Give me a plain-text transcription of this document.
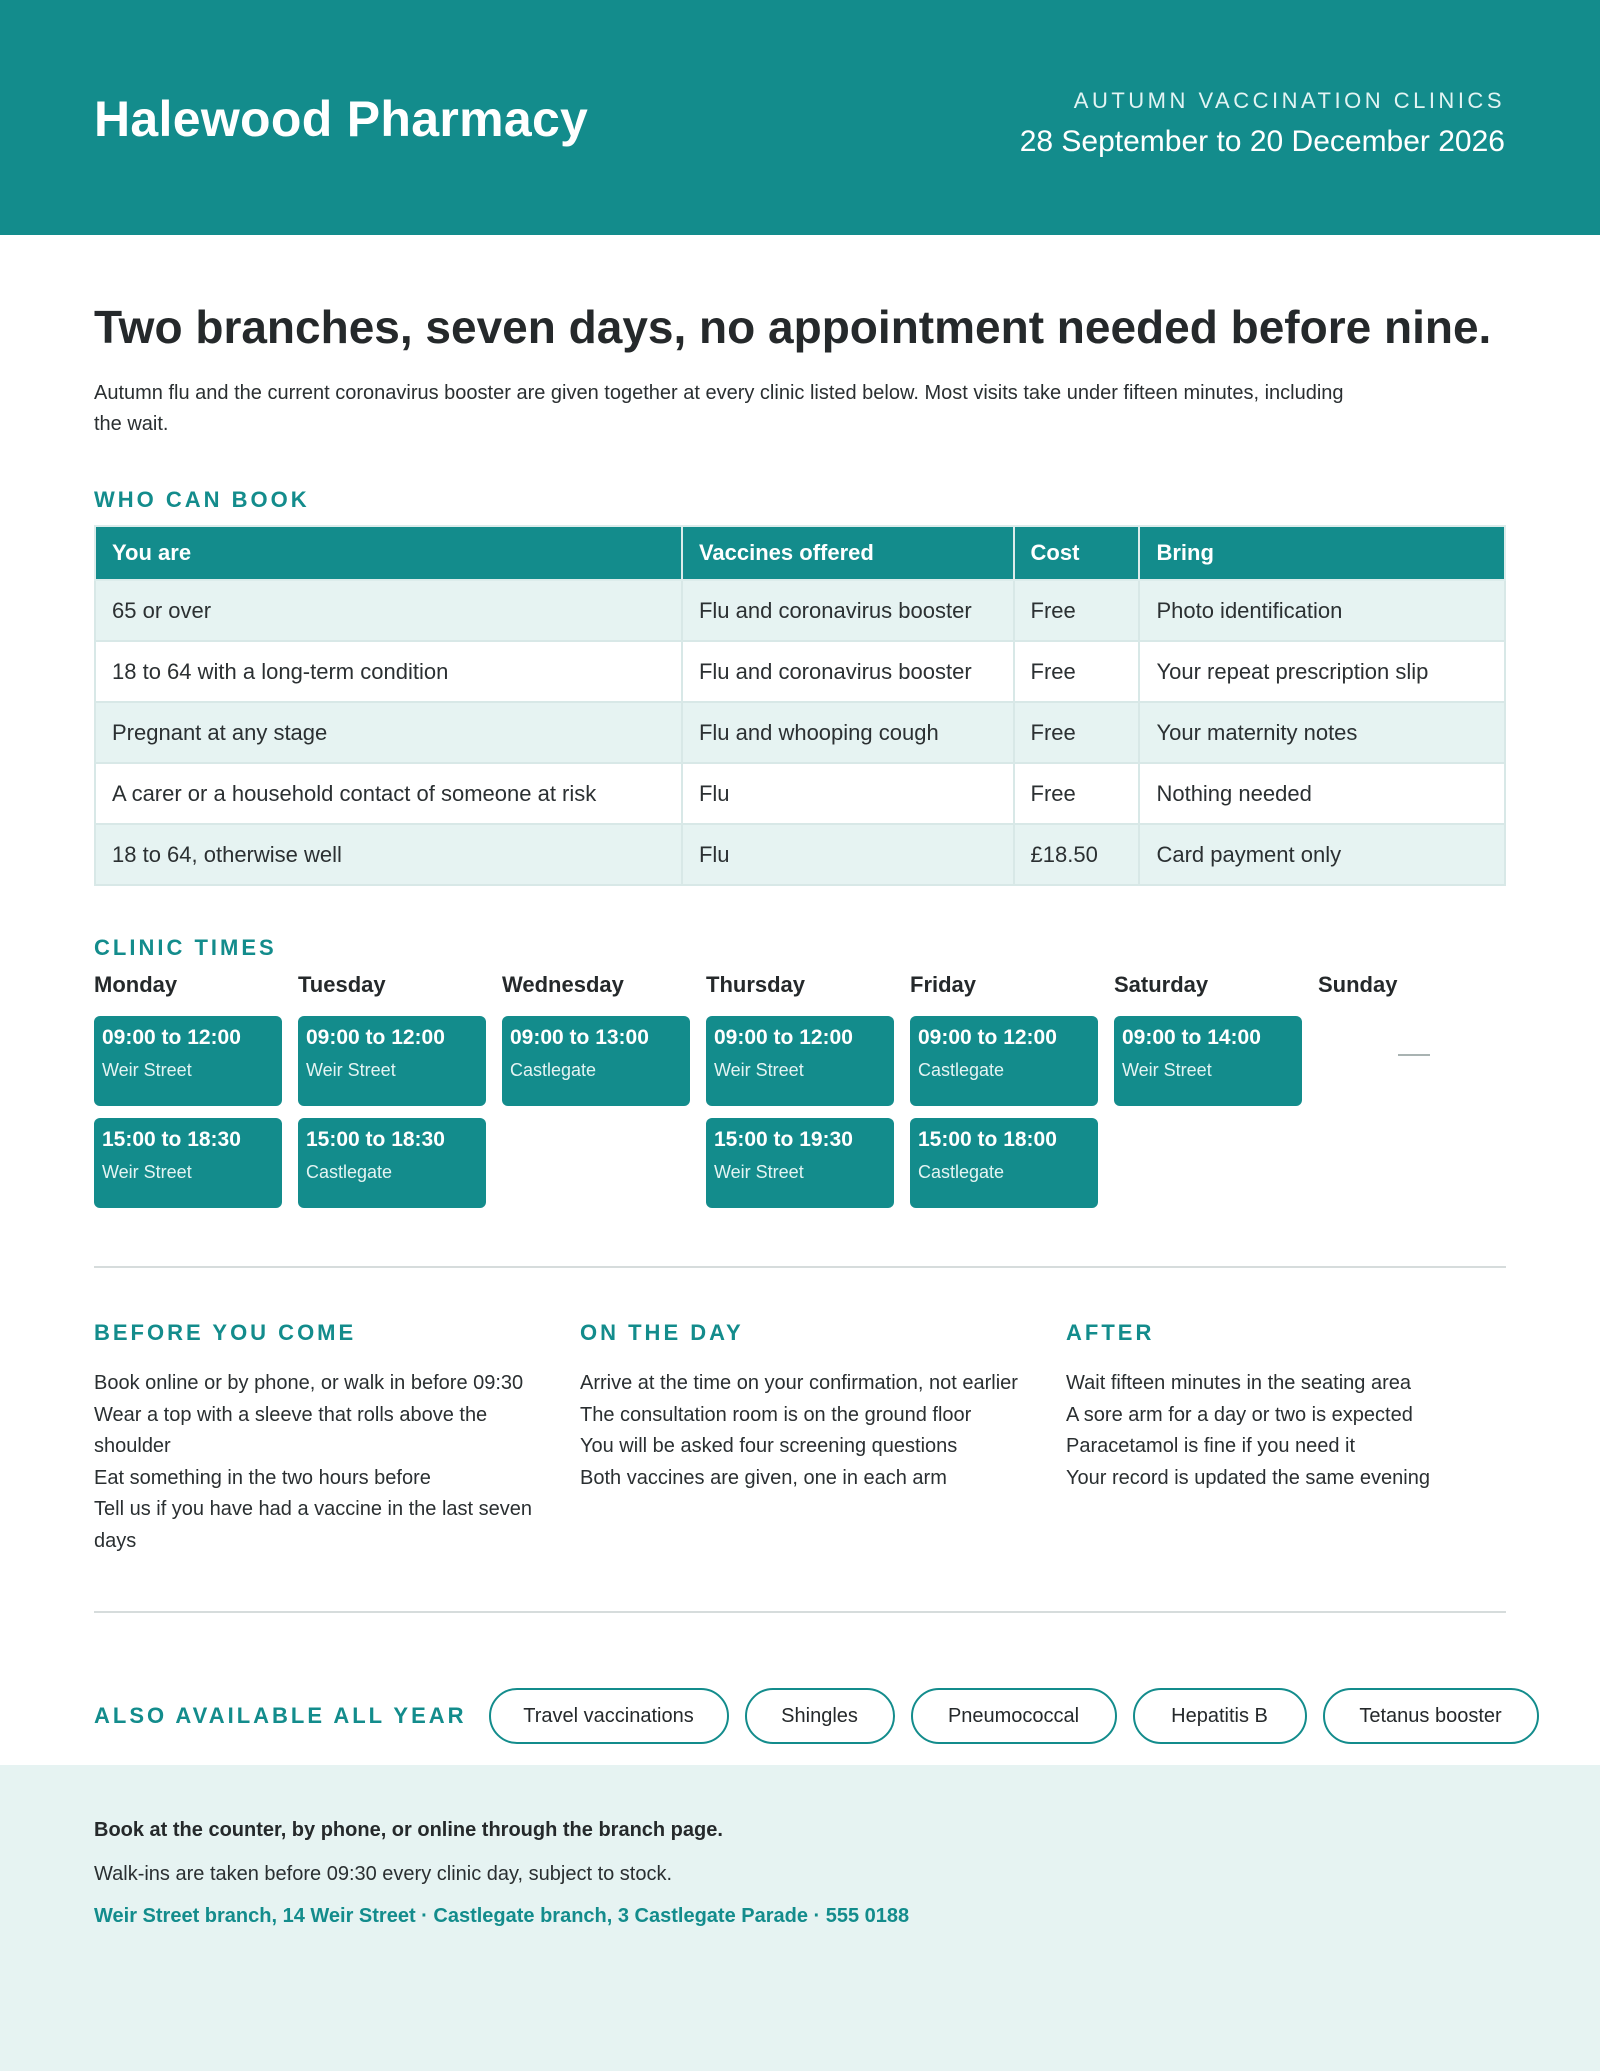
Halewood Pharmacy	AUTUMN VACCINATION CLINICS
28 September to 20 December 2026
Two branches, seven days, no appointment needed before nine.

Autumn flu and the current coronavirus booster are given together at every clinic listed below. Most visits take under fifteen minutes, including the wait.

WHO CAN BOOK
You are	Vaccines offered	Cost	Bring
65 or over	Flu and coronavirus booster	Free	Photo identification
18 to 64 with a long-term condition	Flu and coronavirus booster	Free	Your repeat prescription slip
Pregnant at any stage	Flu and whooping cough	Free	Your maternity notes
A carer or a household contact of someone at risk	Flu	Free	Nothing needed
18 to 64, otherwise well	Flu	£18.50	Card payment only
CLINIC TIMES
Monday
09:00 to 12:00
Weir Street
15:00 to 18:30
Weir Street
Tuesday
09:00 to 12:00
Weir Street
15:00 to 18:30
Castlegate
Wednesday
09:00 to 13:00
Castlegate
Thursday
09:00 to 12:00
Weir Street
15:00 to 19:30
Weir Street
Friday
09:00 to 12:00
Castlegate
15:00 to 18:00
Castlegate
Saturday
09:00 to 14:00
Weir Street
Sunday
BEFORE YOU COME
Book online or by phone, or walk in before 09:30
Wear a top with a sleeve that rolls above the shoulder
Eat something in the two hours before
Tell us if you have had a vaccine in the last seven days
ON THE DAY
Arrive at the time on your confirmation, not earlier
The consultation room is on the ground floor
You will be asked four screening questions
Both vaccines are given, one in each arm
AFTER
Wait fifteen minutes in the seating area
A sore arm for a day or two is expected
Paracetamol is fine if you need it
Your record is updated the same evening
ALSO AVAILABLE ALL YEAR	Travel vaccinations	Shingles	Pneumococcal	Hepatitis B	Tetanus booster
Book at the counter, by phone, or online through the branch page.
Walk-ins are taken before 09:30 every clinic day, subject to stock.
Weir Street branch, 14 Weir Street · Castlegate branch, 3 Castlegate Parade · 555 0188
